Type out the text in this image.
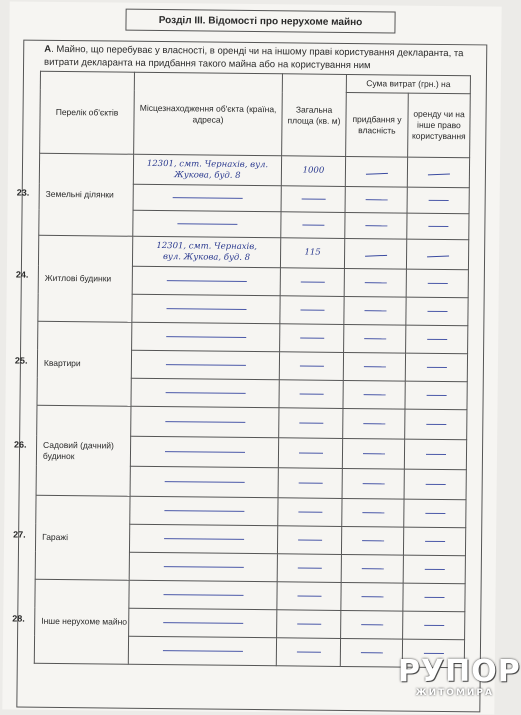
Розділ ІІІ. Відомості про нерухоме майно
А. Майно, що перебуває у власності, в оренді чи на іншому праві користування декларанта, та витрати декларанта на придбання такого майна або на користування ним
	Перелік об'єктів	Місцезнаходження об'єкта (країна, адреса)	Загальна площа (кв. м)	Сума витрат (грн.) на	
			придбання у власність	оренду чи на інше право користування

23.	Земельні ділянки	12301, смт. Чернахів, вул.
Жукова, буд. 8	1000		

24.	Житлові будинки	12301, смт. Чернахів,
вул. Жукова, буд. 8	115		

25.	Квартири	

26.	Садовий (дачний) будинок	

27.	Гаражі	

28.	Інше нерухоме майно	

РУПОР
ЖИТОМИРА
